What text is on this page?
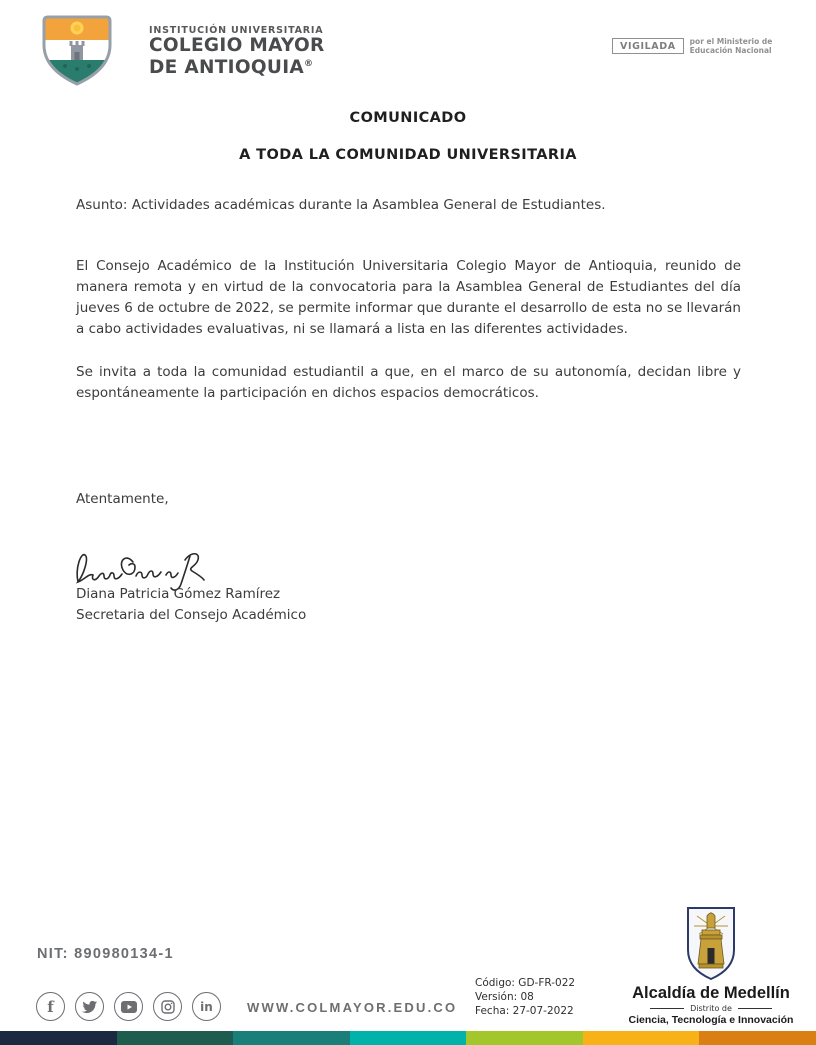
INSTITUCIÓN UNIVERSITARIA
COLEGIO MAYOR
DE ANTIOQUIA®
VIGILADA	por el Ministerio de Educación Nacional
COMUNICADO
A TODA LA COMUNIDAD UNIVERSITARIA

Asunto: Actividades académicas durante la Asamblea General de Estudiantes.

El Consejo Académico de la Institución Universitaria Colegio Mayor de Antioquia, reunido de manera remota y en virtud de la convocatoria para la Asamblea General de Estudiantes del día jueves 6 de octubre de 2022, se permite informar que durante el desarrollo de esta no se llevarán a cabo actividades evaluativas, ni se llamará a lista en las diferentes actividades.

Se invita a toda la comunidad estudiantil a que, en el marco de su autonomía, decidan libre y espontáneamente la participación en dichos espacios democráticos.

Atentamente,

Diana Patricia Gómez Ramírez
Secretaria del Consejo Académico
NIT: 890980134-1
f	in	WWW.COLMAYOR.EDU.CO
Código: GD-FR-022
Versión: 08
Fecha: 27-07-2022
Alcaldía de Medellín
Distrito de
Ciencia, Tecnología e Innovación
